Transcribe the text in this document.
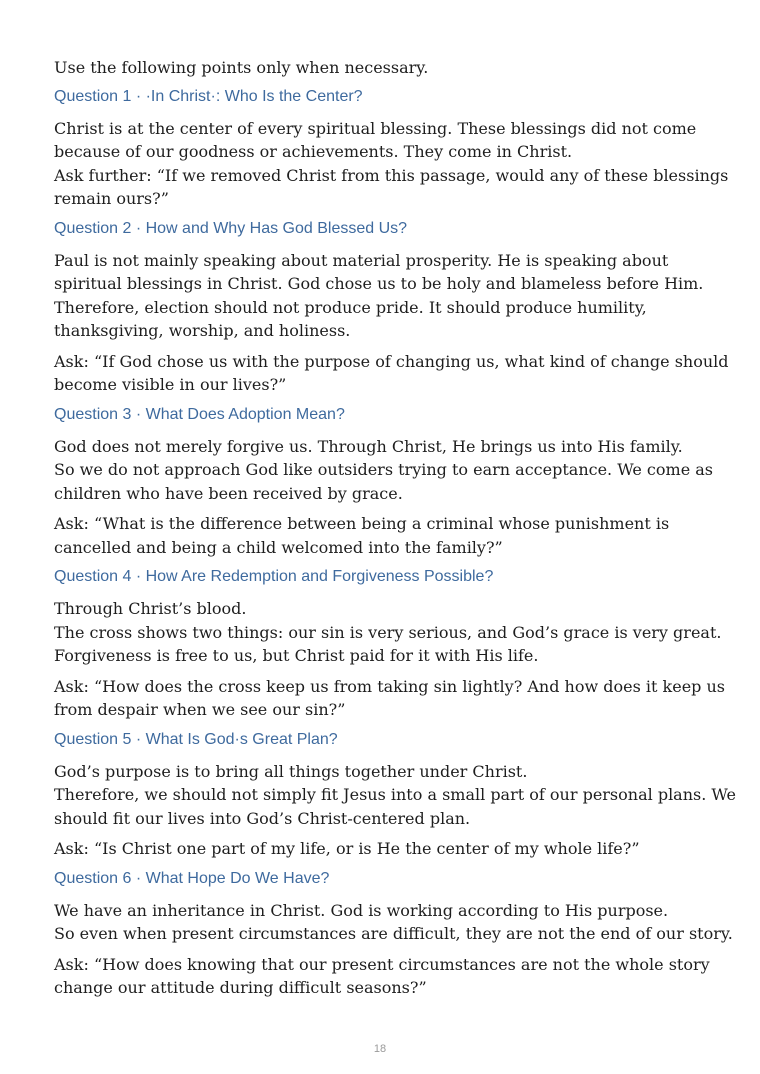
Use the following points only when necessary.

Question 1 · ·In Christ·: Who Is the Center?

Christ is at the center of every spiritual blessing. These blessings did not come
because of our goodness or achievements. They come in Christ.
Ask further: “If we removed Christ from this passage, would any of these blessings
remain ours?”

Question 2 · How and Why Has God Blessed Us?

Paul is not mainly speaking about material prosperity. He is speaking about
spiritual blessings in Christ. God chose us to be holy and blameless before Him.
Therefore, election should not produce pride. It should produce humility,
thanksgiving, worship, and holiness.

Ask: “If God chose us with the purpose of changing us, what kind of change should
become visible in our lives?”

Question 3 · What Does Adoption Mean?

God does not merely forgive us. Through Christ, He brings us into His family.
So we do not approach God like outsiders trying to earn acceptance. We come as
children who have been received by grace.

Ask: “What is the difference between being a criminal whose punishment is
cancelled and being a child welcomed into the family?”

Question 4 · How Are Redemption and Forgiveness Possible?

Through Christ’s blood.
The cross shows two things: our sin is very serious, and God’s grace is very great.
Forgiveness is free to us, but Christ paid for it with His life.

Ask: “How does the cross keep us from taking sin lightly? And how does it keep us
from despair when we see our sin?”

Question 5 · What Is God·s Great Plan?

God’s purpose is to bring all things together under Christ.
Therefore, we should not simply fit Jesus into a small part of our personal plans. We
should fit our lives into God’s Christ-centered plan.

Ask: “Is Christ one part of my life, or is He the center of my whole life?”

Question 6 · What Hope Do We Have?

We have an inheritance in Christ. God is working according to His purpose.
So even when present circumstances are difficult, they are not the end of our story.

Ask: “How does knowing that our present circumstances are not the whole story
change our attitude during difficult seasons?”

18
